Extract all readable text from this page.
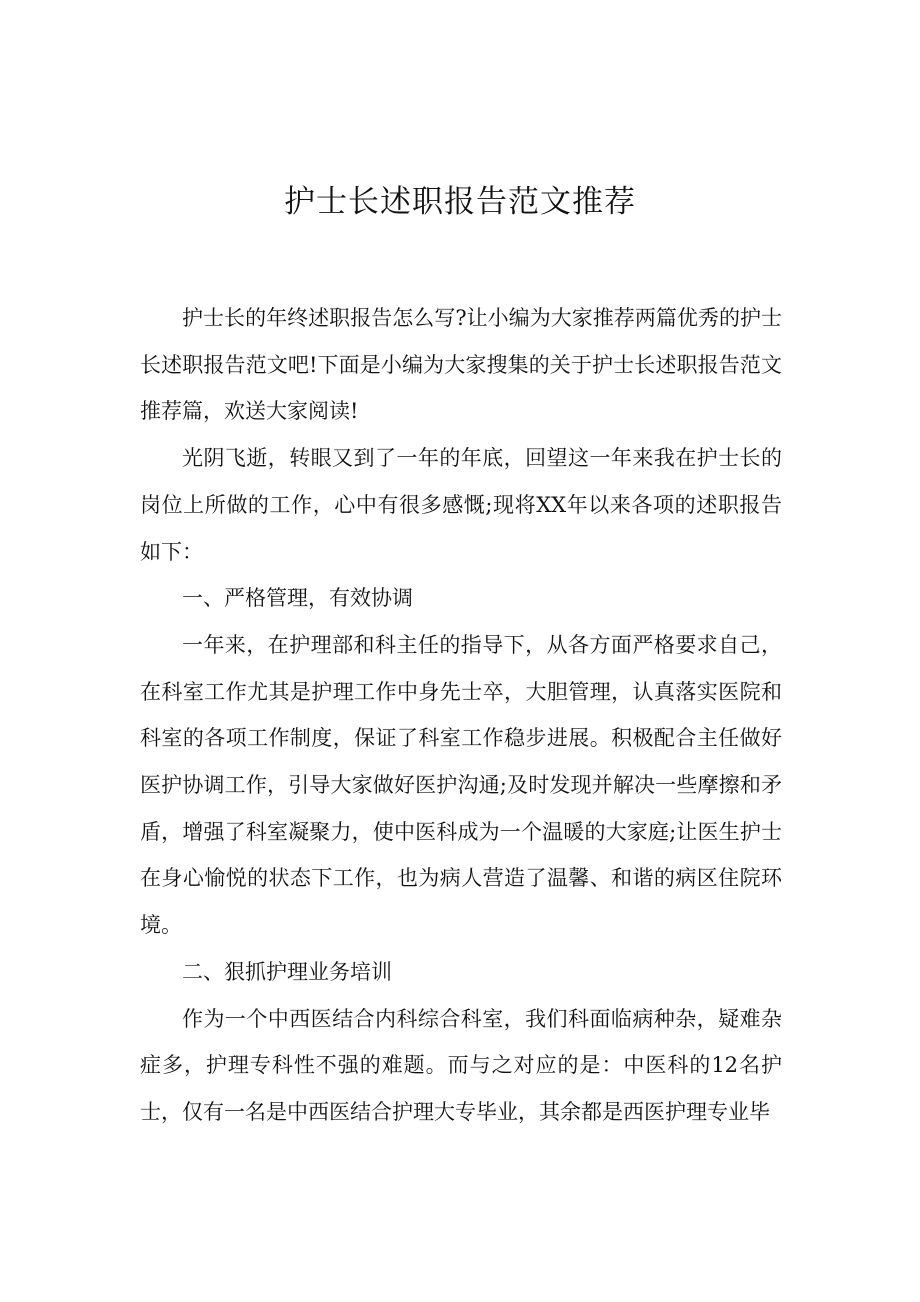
护士长述职报告范文推荐

护士长的年终述职报告怎么写?让小编为大家推荐两篇优秀的护士长述职报告范文吧!下面是小编为大家搜集的关于护士长述职报告范文推荐篇，欢送大家阅读!

光阴飞逝，转眼又到了一年的年底，回望这一年来我在护士长的岗位上所做的工作，心中有很多感慨;现将XX年以来各项的述职报告如下：

一、严格管理，有效协调

一年来，在护理部和科主任的指导下，从各方面严格要求自己，在科室工作尤其是护理工作中身先士卒，大胆管理，认真落实医院和科室的各项工作制度，保证了科室工作稳步进展。积极配合主任做好医护协调工作，引导大家做好医护沟通;及时发现并解决一些摩擦和矛盾，增强了科室凝聚力，使中医科成为一个温暖的大家庭;让医生护士在身心愉悦的状态下工作，也为病人营造了温馨、和谐的病区住院环境。

二、狠抓护理业务培训

作为一个中西医结合内科综合科室，我们科面临病种杂，疑难杂症多，护理专科性不强的难题。而与之对应的是：中医科的12名护士，仅有一名是中西医结合护理大专毕业，其余都是西医护理专业毕
